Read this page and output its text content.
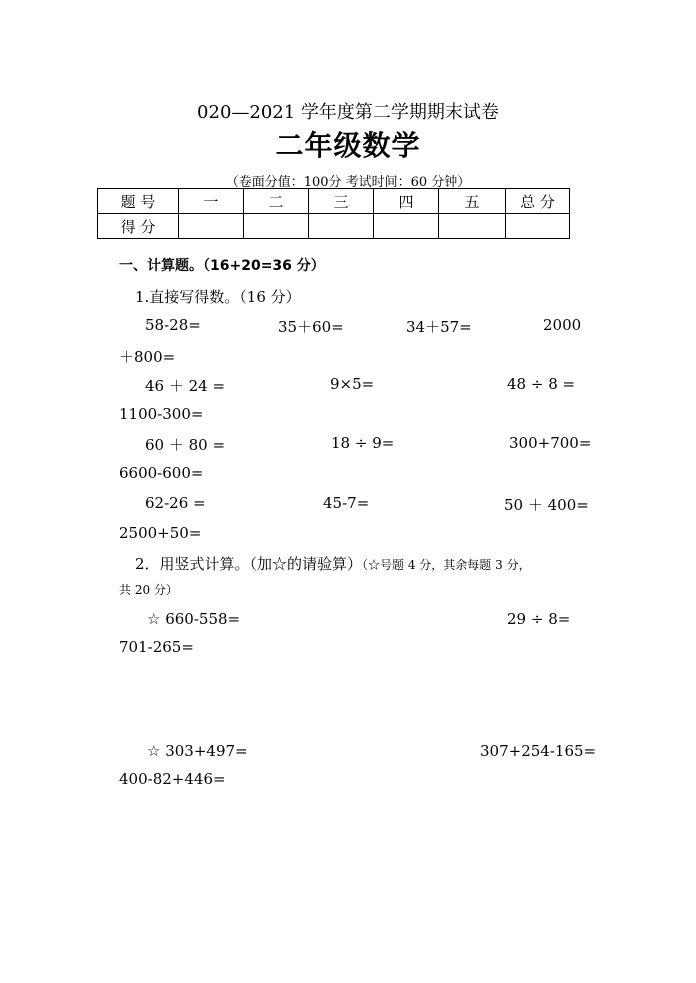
020—2021 学年度第二学期期末试卷
二年级数学
（卷面分值：100分 考试时间：60 分钟）
题 号	一	二	三	四	五	总 分
得 分						
一、计算题。（16+20=36 分）
1.直接写得数。（16 分）
58-28=	35＋60=	34＋57=	2000
＋800=
46 ＋ 24 =	9×5=	48 ÷ 8 =
1100-300=
60 ＋ 80 =	18 ÷ 9=	300+700=
6600-600=
62-26 =	45-7=	50 ＋ 400=
2500+50=
2．用竖式计算。（加☆的请验算）（☆号题 4 分，其余每题 3 分，
共 20 分）
☆ 660-558=	29 ÷ 8=
701-265=
☆ 303+497=	307+254-165=
400-82+446=
